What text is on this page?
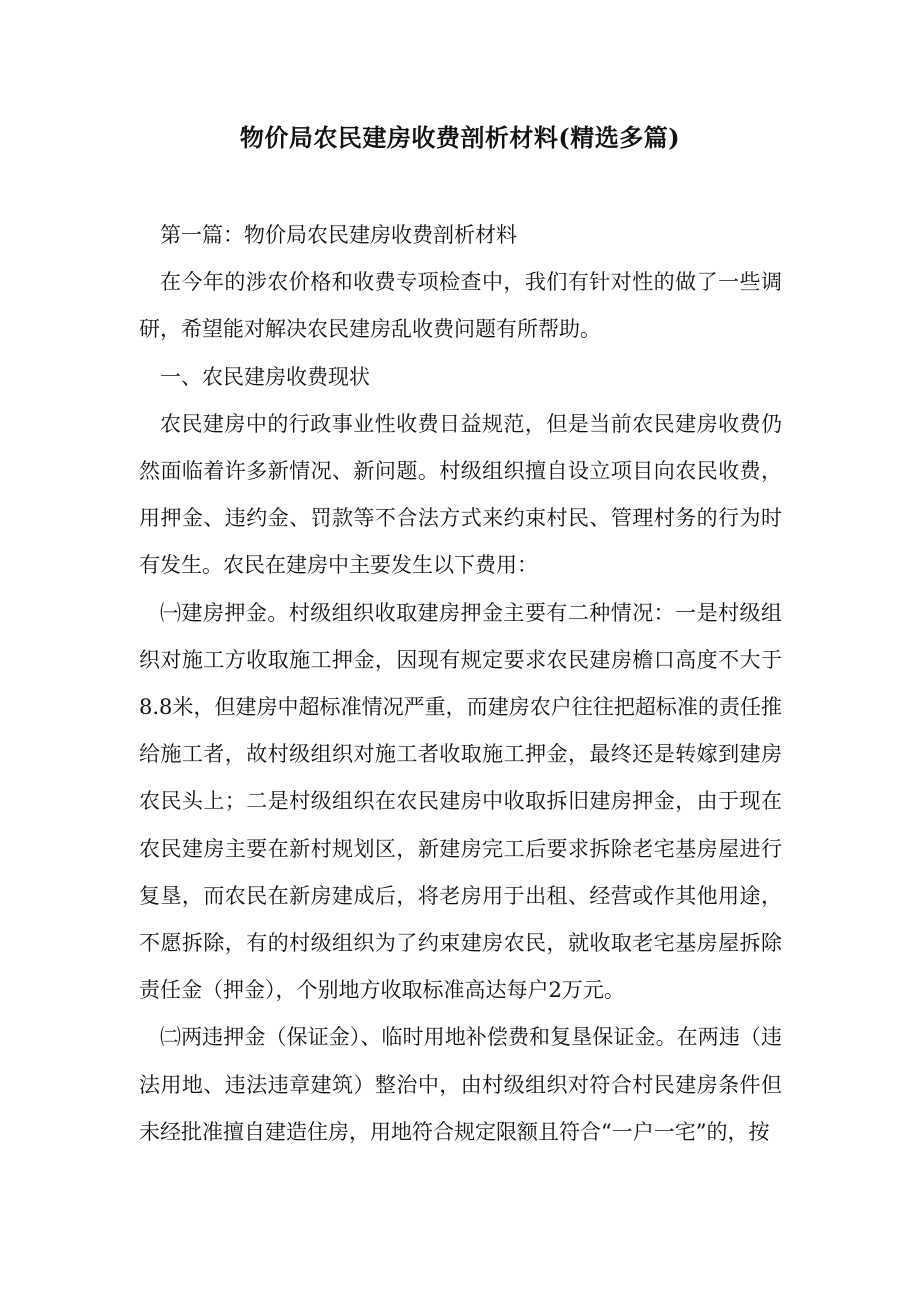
物价局农民建房收费剖析材料(精选多篇)

第一篇：物价局农民建房收费剖析材料

在今年的涉农价格和收费专项检查中，我们有针对性的做了一些调研，希望能对解决农民建房乱收费问题有所帮助。

一、农民建房收费现状

农民建房中的行政事业性收费日益规范，但是当前农民建房收费仍然面临着许多新情况、新问题。村级组织擅自设立项目向农民收费，用押金、违约金、罚款等不合法方式来约束村民、管理村务的行为时有发生。农民在建房中主要发生以下费用：

㈠建房押金。村级组织收取建房押金主要有二种情况：一是村级组织对施工方收取施工押金，因现有规定要求农民建房檐口高度不大于8.8米，但建房中超标准情况严重，而建房农户往往把超标准的责任推给施工者，故村级组织对施工者收取施工押金，最终还是转嫁到建房农民头上；二是村级组织在农民建房中收取拆旧建房押金，由于现在农民建房主要在新村规划区，新建房完工后要求拆除老宅基房屋进行复垦，而农民在新房建成后，将老房用于出租、经营或作其他用途，不愿拆除，有的村级组织为了约束建房农民，就收取老宅基房屋拆除责任金（押金），个别地方收取标准高达每户2万元。

㈡两违押金（保证金）、临时用地补偿费和复垦保证金。在两违（违法用地、违法违章建筑）整治中，由村级组织对符合村民建房条件但未经批准擅自建造住房，用地符合规定限额且符合“一户一宅”的，按
